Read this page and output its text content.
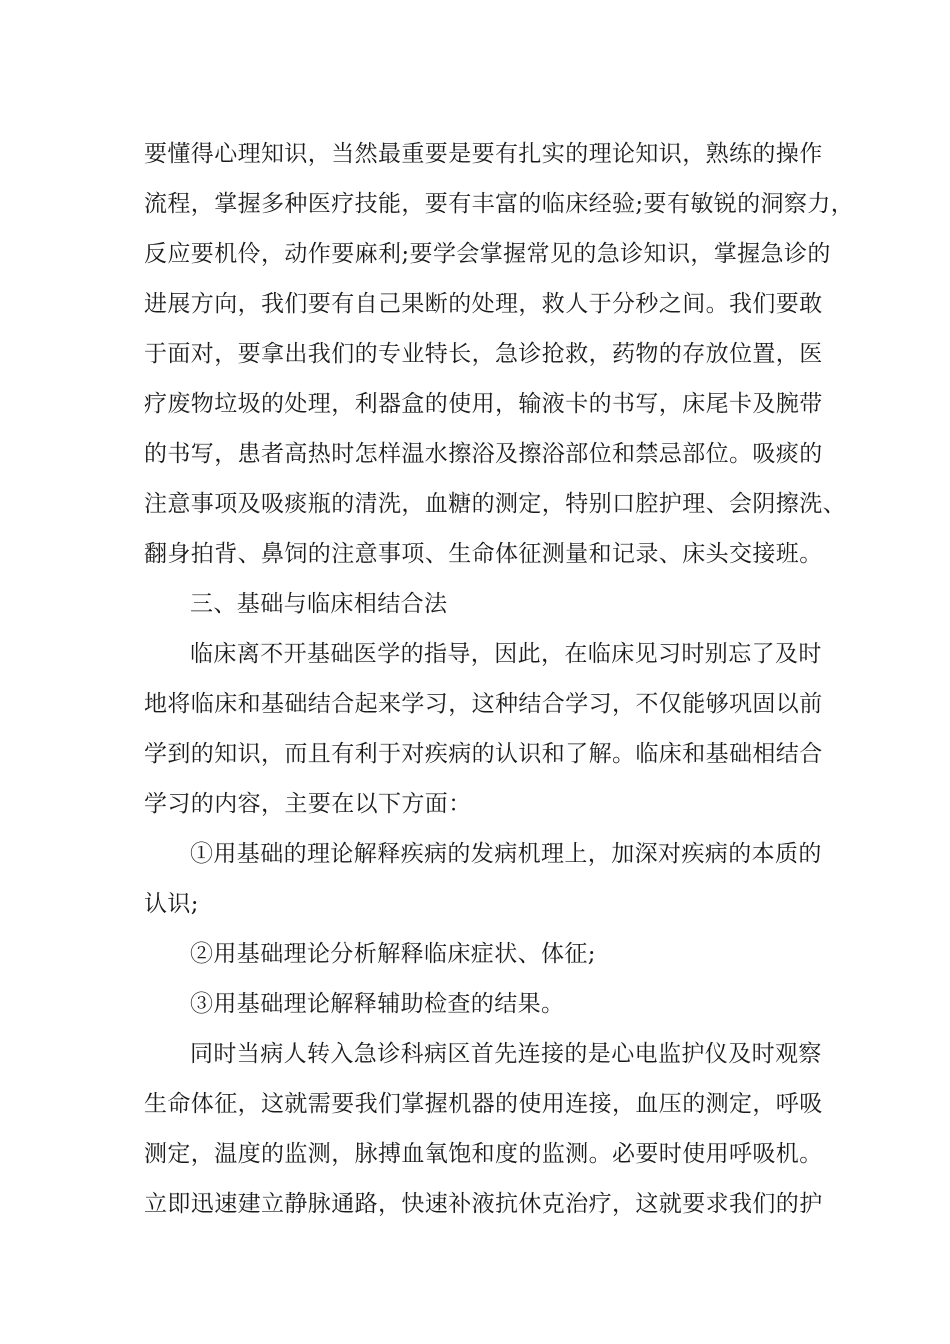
要懂得心理知识，当然最重要是要有扎实的理论知识，熟练的操作
流程，掌握多种医疗技能，要有丰富的临床经验;要有敏锐的洞察力，
反应要机伶，动作要麻利;要学会掌握常见的急诊知识，掌握急诊的
进展方向，我们要有自己果断的处理，救人于分秒之间。我们要敢
于面对，要拿出我们的专业特长，急诊抢救，药物的存放位置，医
疗废物垃圾的处理，利器盒的使用，输液卡的书写，床尾卡及腕带
的书写，患者高热时怎样温水擦浴及擦浴部位和禁忌部位。吸痰的
注意事项及吸痰瓶的清洗，血糖的测定，特别口腔护理、会阴擦洗、
翻身拍背、鼻饲的注意事项、生命体征测量和记录、床头交接班。
三、基础与临床相结合法
临床离不开基础医学的指导，因此，在临床见习时别忘了及时
地将临床和基础结合起来学习，这种结合学习，不仅能够巩固以前
学到的知识，而且有利于对疾病的认识和了解。临床和基础相结合
学习的内容，主要在以下方面：
①用基础的理论解释疾病的发病机理上，加深对疾病的本质的
认识;
②用基础理论分析解释临床症状、体征;
③用基础理论解释辅助检查的结果。
同时当病人转入急诊科病区首先连接的是心电监护仪及时观察
生命体征，这就需要我们掌握机器的使用连接，血压的测定，呼吸
测定，温度的监测，脉搏血氧饱和度的监测。必要时使用呼吸机。
立即迅速建立静脉通路，快速补液抗休克治疗，这就要求我们的护
